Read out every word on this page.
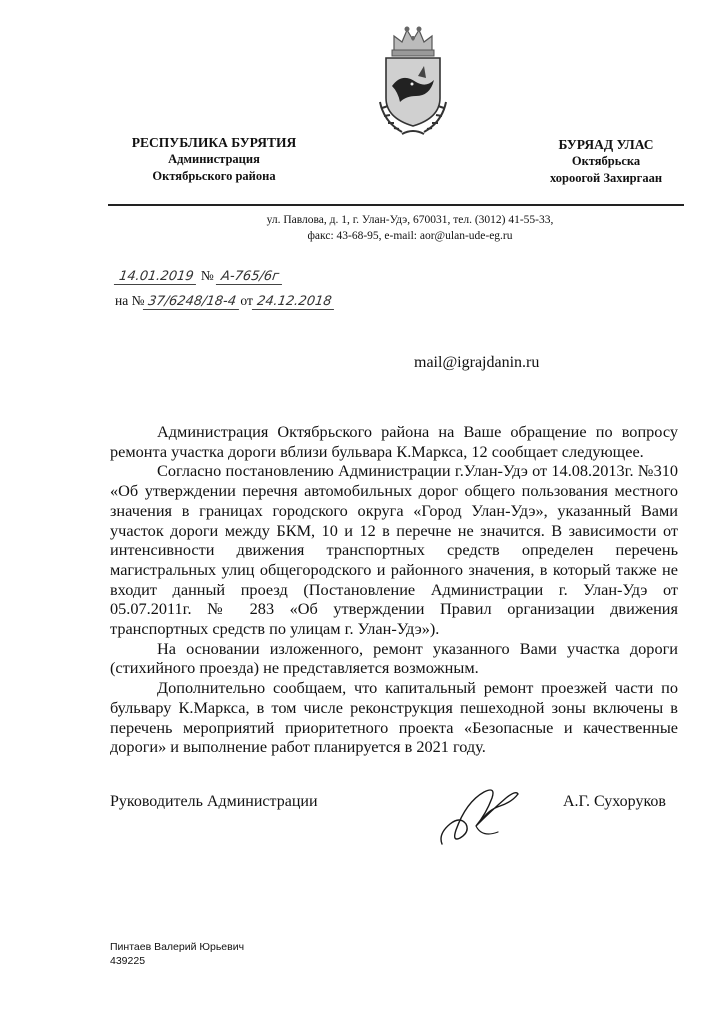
РЕСПУБЛИКА БУРЯТИЯ
Администрация
Октябрьского района
БУРЯАД УЛАС
Октябрьска
хороогой Захиргаан
ул. Павлова, д. 1, г. Улан-Удэ, 670031, тел. (3012) 41-55-33,
факс: 43-68-95, e-mail: aor@ulan-ude-eg.ru
14.01.2019 № А-765/6г
на № 37/6248/18-4 от 24.12.2018
mail@igrajdanin.ru

Администрация Октябрьского района на Ваше обращение по вопросу ремонта участка дороги вблизи бульвара К.Маркса, 12 сообщает следующее.

Согласно постановлению Администрации г.Улан-Удэ от 14.08.2013г. №310 «Об утверждении перечня автомобильных дорог общего пользования местного значения в границах городского округа «Город Улан-Удэ», указанный Вами участок дороги между БКМ, 10 и 12 в перечне не значится. В зависимости от интенсивности движения транспортных средств определен перечень магистральных улиц общегородского и районного значения, в который также не входит данный проезд (Постановление Администрации г. Улан-Удэ от 05.07.2011г. № 283 «Об утверждении Правил организации движения транспортных средств по улицам г. Улан-Удэ»).

На основании изложенного, ремонт указанного Вами участка дороги (стихийного проезда) не представляется возможным.

Дополнительно сообщаем, что капитальный ремонт проезжей части по бульвару К.Маркса, в том числе реконструкция пешеходной зоны включены в перечень мероприятий приоритетного проекта «Безопасные и качественные дороги» и выполнение работ планируется в 2021 году.

Руководитель Администрации	А.Г. Сухоруков
Пинтаев Валерий Юрьевич
439225
